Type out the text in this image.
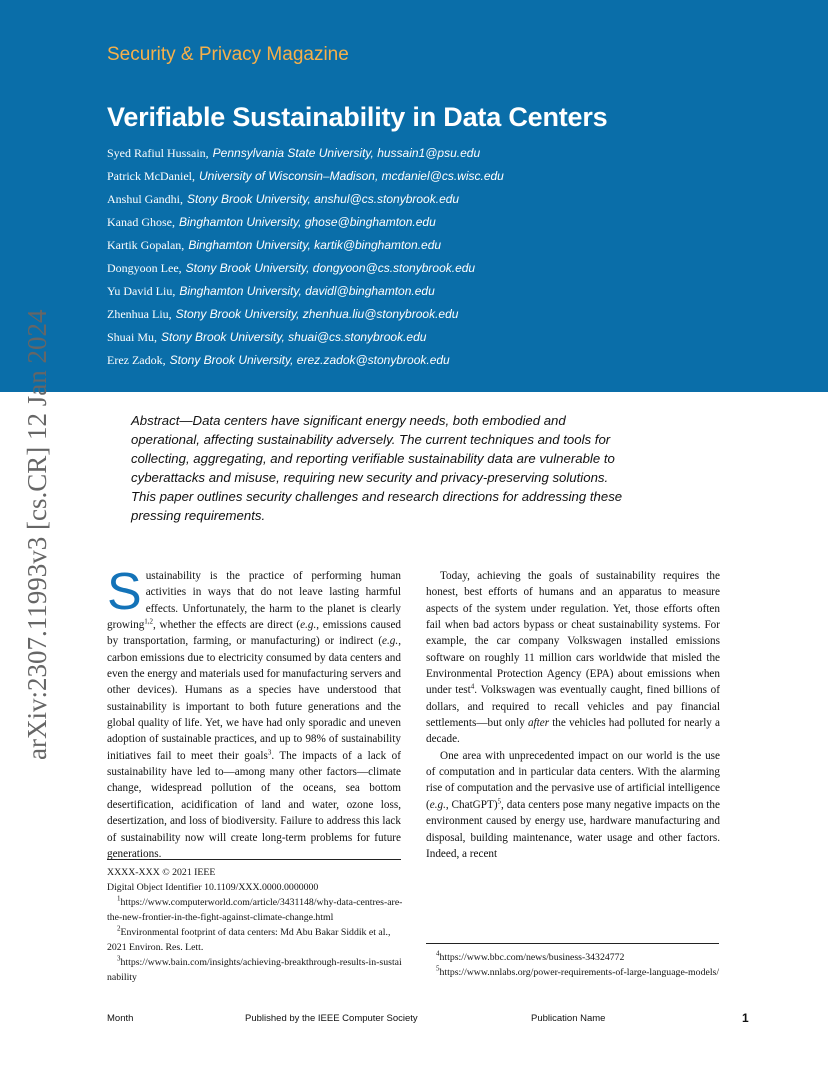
Security & Privacy Magazine
Verifiable Sustainability in Data Centers
Syed Rafiul Hussain, Pennsylvania State University, hussain1@psu.edu
Patrick McDaniel, University of Wisconsin–Madison, mcdaniel@cs.wisc.edu
Anshul Gandhi, Stony Brook University, anshul@cs.stonybrook.edu
Kanad Ghose, Binghamton University, ghose@binghamton.edu
Kartik Gopalan, Binghamton University, kartik@binghamton.edu
Dongyoon Lee, Stony Brook University, dongyoon@cs.stonybrook.edu
Yu David Liu, Binghamton University, davidl@binghamton.edu
Zhenhua Liu, Stony Brook University, zhenhua.liu@stonybrook.edu
Shuai Mu, Stony Brook University, shuai@cs.stonybrook.edu
Erez Zadok, Stony Brook University, erez.zadok@stonybrook.edu
arXiv:2307.11993v3 [cs.CR] 12 Jan 2024	Abstract—Data centers have significant energy needs, both embodied and operational, affecting sustainability adversely. The current techniques and tools for collecting, aggregating, and reporting verifiable sustainability data are vulnerable to cyberattacks and misuse, requiring new security and privacy-preserving solutions. This paper outlines security challenges and research directions for addressing these pressing requirements.

Sustainability is the practice of performing human activities in ways that do not leave lasting harmful effects. Unfortunately, the harm to the planet is clearly growing$^{1,2}$, whether the effects are direct (e.g., emissions caused by transportation, farming, or manufacturing) or indirect (e.g., carbon emissions due to electricity consumed by data centers and even the energy and materials used for manufacturing servers and other devices). Humans as a species have understood that sustainability is important to both future generations and the global quality of life. Yet, we have had only sporadic and uneven adoption of sustainable practices, and up to 98% of sustainability initiatives fail to meet their goals$^3$. The impacts of a lack of sustainability have led to—among many other factors—climate change, widespread pollution of the oceans, sea bottom desertification, acidification of land and water, ozone loss, desertization, and loss of biodiversity. Failure to address this lack of sustainability now will create long-term problems for future generations.

Today, achieving the goals of sustainability requires the honest, best efforts of humans and an apparatus to measure aspects of the system under regulation. Yet, those efforts often fail when bad actors bypass or cheat sustainability systems. For example, the car company Volkswagen installed emissions software on roughly 11 million cars worldwide that misled the Environmental Protection Agency (EPA) about emissions when under test$^4$. Volkswagen was eventually caught, fined billions of dollars, and required to recall vehicles and pay financial settlements—but only after the vehicles had polluted for nearly a decade.

One area with unprecedented impact on our world is the use of computation and in particular data centers. With the alarming rise of computation and the pervasive use of artificial intelligence (e.g., ChatGPT)$^5$, data centers pose many negative impacts on the environment caused by energy use, hardware manufacturing and disposal, building maintenance, water usage and other factors. Indeed, a recent

XXXX-XXX © 2021 IEEE

Digital Object Identifier 10.1109/XXX.0000.0000000

$^1$https://www.computerworld.com/article/3431148/why-data-centres-are-the-new-frontier-in-the-fight-against-climate-change.html

$^2$Environmental footprint of data centers: Md Abu Bakar Siddik et al., 2021 Environ. Res. Lett.

$^3$https://www.bain.com/insights/achieving-breakthrough-results-in-sustainability

$^4$https://www.bbc.com/news/business-34324772

$^5$https://www.nnlabs.org/power-requirements-of-large-language-models/

Month	Published by the IEEE Computer Society	Publication Name	1
